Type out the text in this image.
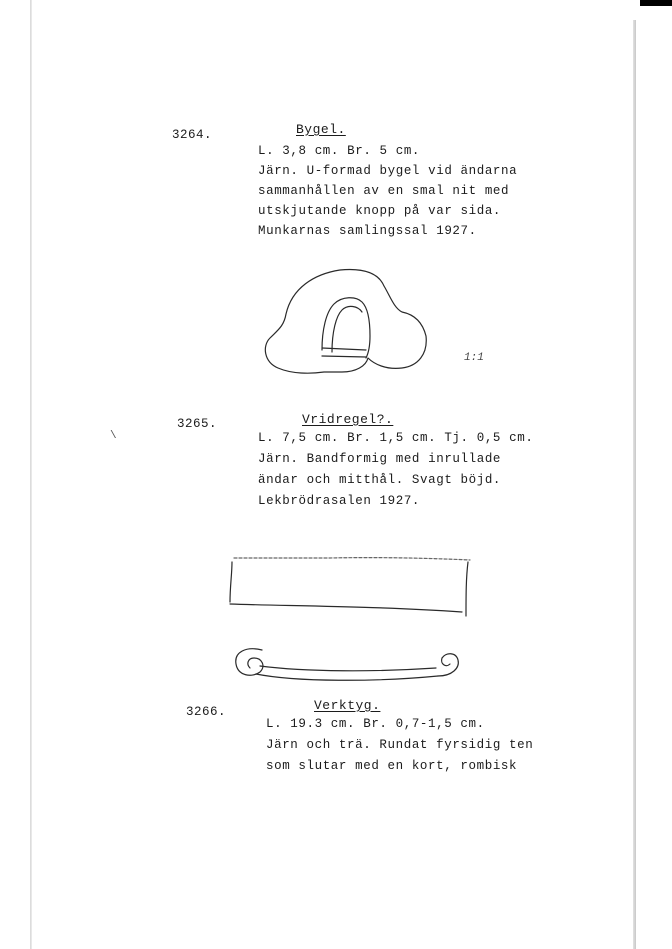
3264.	Bygel.
L. 3,8 cm. Br. 5 cm.
Järn. U-formad bygel vid ändarna
sammanhållen av en smal nit med
utskjutande knopp på var sida.
Munkarnas samlingssal 1927.
1:1
\
3265.	Vridregel?.
L. 7,5 cm. Br. 1,5 cm. Tj. 0,5 cm.
Järn. Bandformig med inrullade
ändar och mitthål. Svagt böjd.
Lekbrödrasalen 1927.
3266.	Verktyg.
L. 19.3 cm. Br. 0,7-1,5 cm.
Järn och trä. Rundat fyrsidig ten
som slutar med en kort, rombisk
